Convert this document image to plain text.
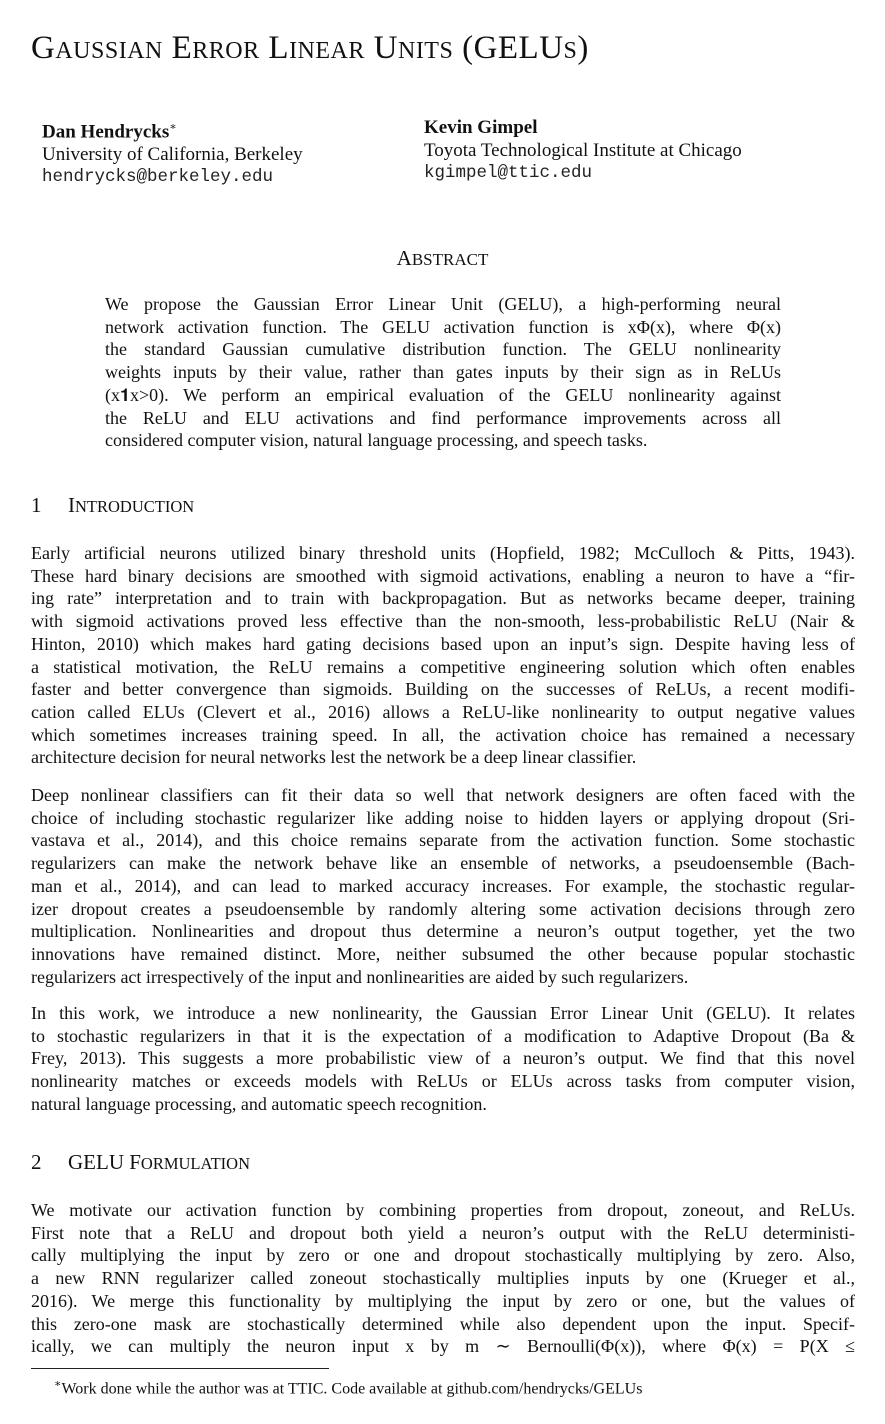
GAUSSIAN ERROR LINEAR UNITS (GELUS)
Dan Hendrycks∗
University of California, Berkeley
hendrycks@berkeley.edu
Kevin Gimpel
Toyota Technological Institute at Chicago
kgimpel@ttic.edu
ABSTRACT
We propose the Gaussian Error Linear Unit (GELU), a high-performing neural
network activation function. The GELU activation function is xΦ(x), where Φ(x)
the standard Gaussian cumulative distribution function. The GELU nonlinearity
weights inputs by their value, rather than gates inputs by their sign as in ReLUs
(x𝟏x>0). We perform an empirical evaluation of the GELU nonlinearity against
the ReLU and ELU activations and find performance improvements across all
considered computer vision, natural language processing, and speech tasks.
1 INTRODUCTION
Early artificial neurons utilized binary threshold units (Hopfield, 1982; McCulloch & Pitts, 1943).
These hard binary decisions are smoothed with sigmoid activations, enabling a neuron to have a “fir-
ing rate” interpretation and to train with backpropagation. But as networks became deeper, training
with sigmoid activations proved less effective than the non-smooth, less-probabilistic ReLU (Nair &
Hinton, 2010) which makes hard gating decisions based upon an input’s sign. Despite having less of
a statistical motivation, the ReLU remains a competitive engineering solution which often enables
faster and better convergence than sigmoids. Building on the successes of ReLUs, a recent modifi-
cation called ELUs (Clevert et al., 2016) allows a ReLU-like nonlinearity to output negative values
which sometimes increases training speed. In all, the activation choice has remained a necessary
architecture decision for neural networks lest the network be a deep linear classifier.
Deep nonlinear classifiers can fit their data so well that network designers are often faced with the
choice of including stochastic regularizer like adding noise to hidden layers or applying dropout (Sri-
vastava et al., 2014), and this choice remains separate from the activation function. Some stochastic
regularizers can make the network behave like an ensemble of networks, a pseudoensemble (Bach-
man et al., 2014), and can lead to marked accuracy increases. For example, the stochastic regular-
izer dropout creates a pseudoensemble by randomly altering some activation decisions through zero
multiplication. Nonlinearities and dropout thus determine a neuron’s output together, yet the two
innovations have remained distinct. More, neither subsumed the other because popular stochastic
regularizers act irrespectively of the input and nonlinearities are aided by such regularizers.
In this work, we introduce a new nonlinearity, the Gaussian Error Linear Unit (GELU). It relates
to stochastic regularizers in that it is the expectation of a modification to Adaptive Dropout (Ba &
Frey, 2013). This suggests a more probabilistic view of a neuron’s output. We find that this novel
nonlinearity matches or exceeds models with ReLUs or ELUs across tasks from computer vision,
natural language processing, and automatic speech recognition.
2 GELU FORMULATION
We motivate our activation function by combining properties from dropout, zoneout, and ReLUs.
First note that a ReLU and dropout both yield a neuron’s output with the ReLU deterministi-
cally multiplying the input by zero or one and dropout stochastically multiplying by zero. Also,
a new RNN regularizer called zoneout stochastically multiplies inputs by one (Krueger et al.,
2016). We merge this functionality by multiplying the input by zero or one, but the values of
this zero-one mask are stochastically determined while also dependent upon the input. Specif-
ically, we can multiply the neuron input x by m ∼ Bernoulli(Φ(x)), where Φ(x) = P(X ≤
∗Work done while the author was at TTIC. Code available at github.com/hendrycks/GELUs
